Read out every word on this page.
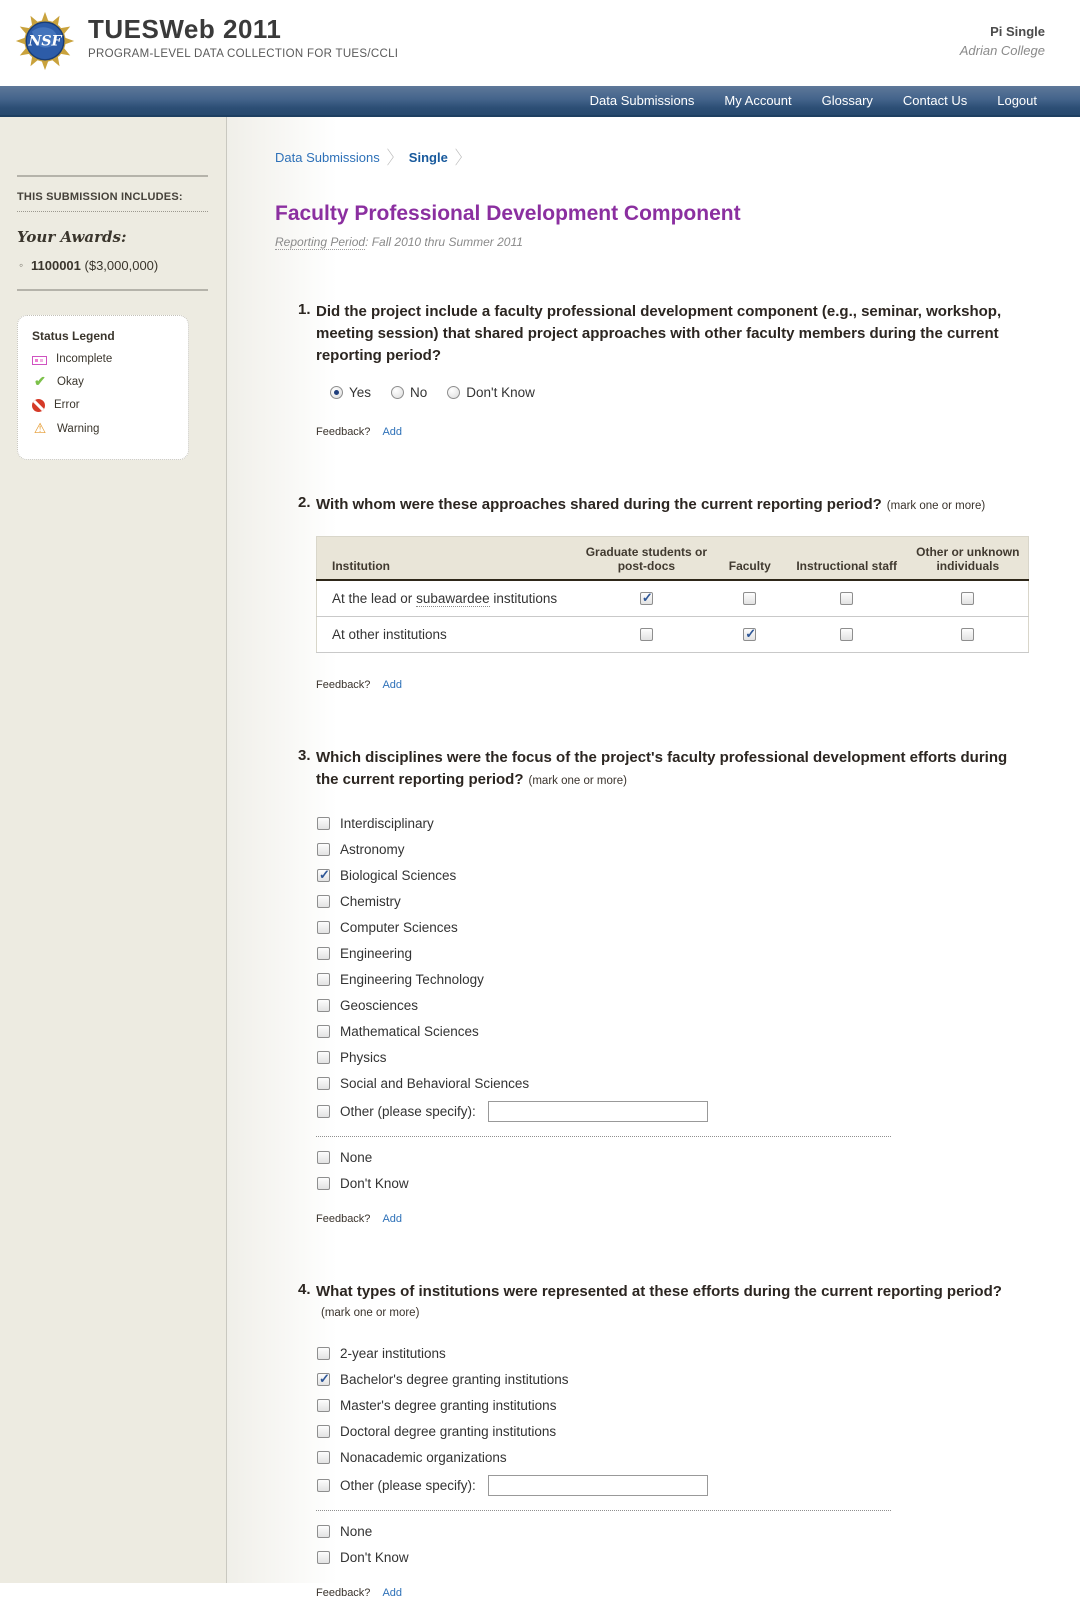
NSF TUESWeb 2011
PROGRAM-LEVEL DATA COLLECTION FOR TUES/CCLI
Pi Single
Adrian College
Data Submissions	My Account	Glossary	Contact Us	Logout
THIS SUBMISSION INCLUDES:
Your Awards:
◦ 1100001 ($3,000,000)
Status Legend
Incomplete
✔
Okay
Error
⚠
Warning
Data Submissions 〉 Single 〉
Faculty Professional Development Component
Reporting Period: Fall 2010 thru Summer 2011
1. Did the project include a faculty professional development component (e.g., seminar, workshop, meeting session) that shared project approaches with other faculty members during the current reporting period?
Yes	No	Don't Know
Feedback? Add
2. With whom were these approaches shared during the current reporting period? (mark one or more)
Institution	Graduate students or post-docs	Faculty	Instructional staff	Other or unknown individuals
At the lead or subawardee institutions	✓			
At other institutions		✓		
Feedback? Add
3. Which disciplines were the focus of the project's faculty professional development efforts during the current reporting period? (mark one or more)
Interdisciplinary
Astronomy
✓
Biological Sciences
Chemistry
Computer Sciences
Engineering
Engineering Technology
Geosciences
Mathematical Sciences
Physics
Social and Behavioral Sciences
Other (please specify):
None
Don't Know
Feedback? Add
4. What types of institutions were represented at these efforts during the current reporting period?(mark one or more)
2-year institutions
✓
Bachelor's degree granting institutions
Master's degree granting institutions
Doctoral degree granting institutions
Nonacademic organizations
Other (please specify):
None
Don't Know
Feedback? Add
